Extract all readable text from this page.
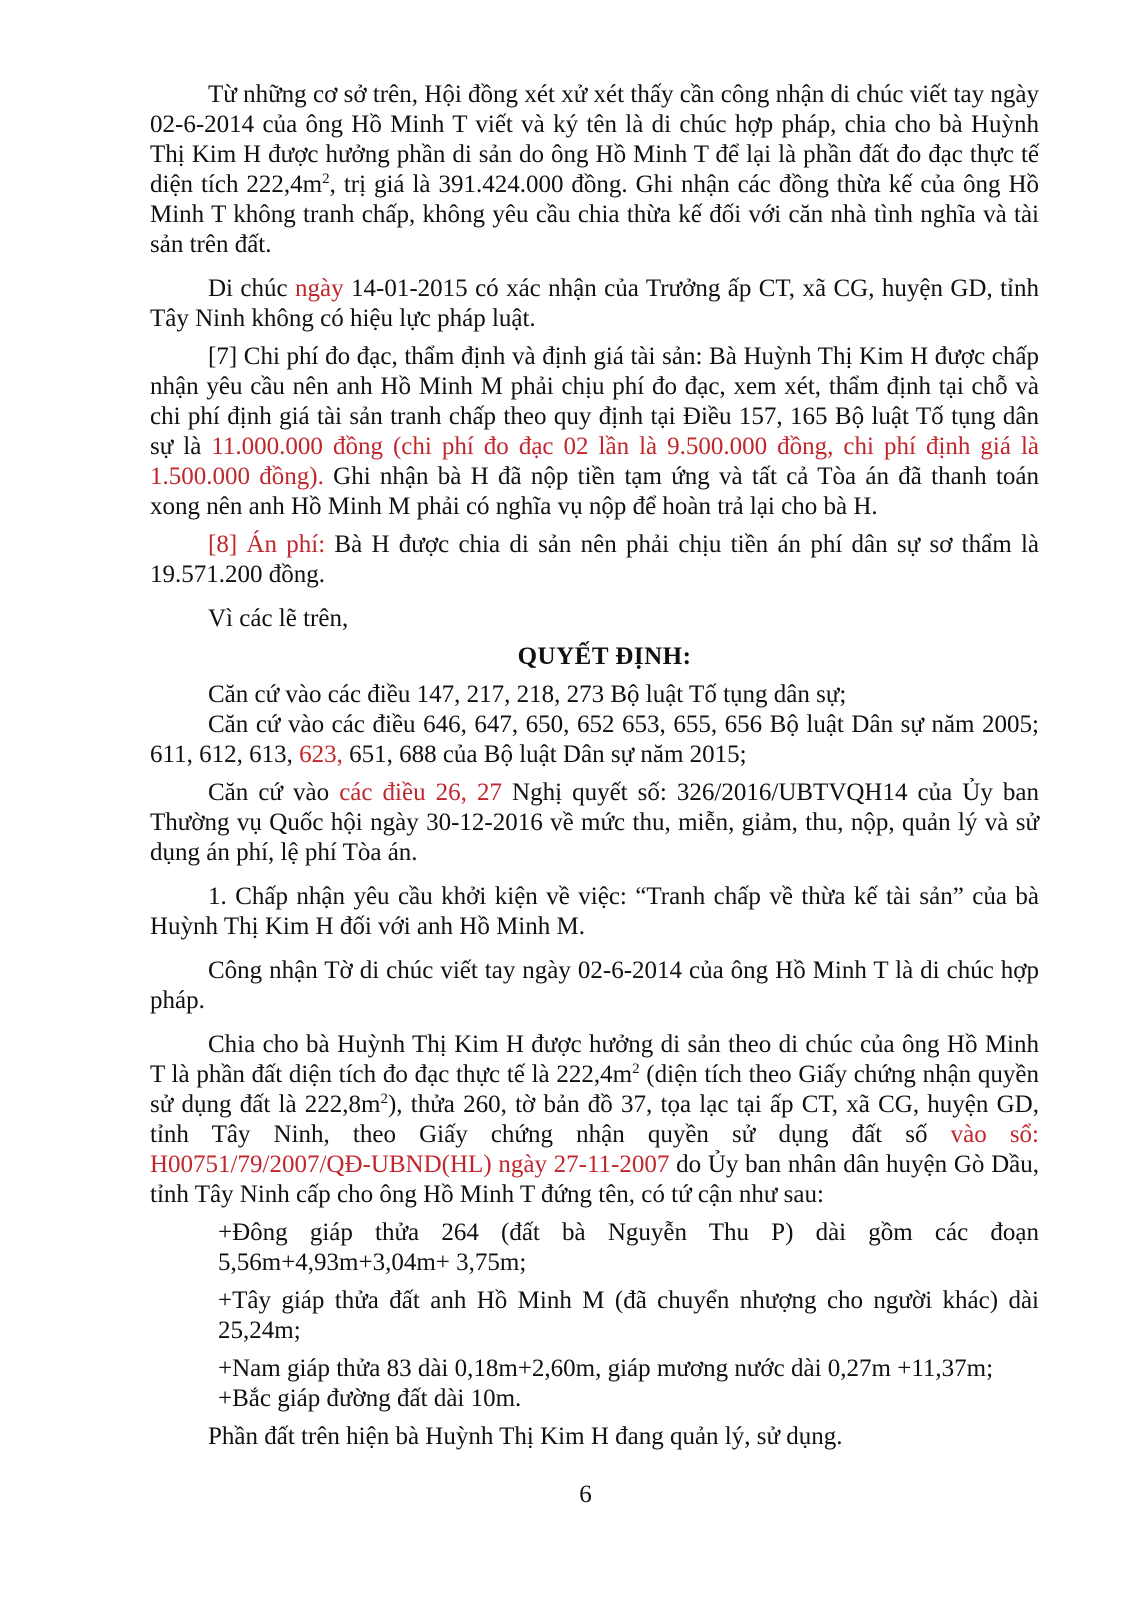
Từ những cơ sở trên, Hội đồng xét xử xét thấy cần công nhận di chúc viết tay ngày 02-6-2014 của ông Hồ Minh T viết và ký tên là di chúc hợp pháp, chia cho bà Huỳnh Thị Kim H được hưởng phần di sản do ông Hồ Minh T để lại là phần đất đo đạc thực tế diện tích $222,4m^2$, trị giá là 391.424.000 đồng. Ghi nhận các đồng thừa kế của ông Hồ Minh T không tranh chấp, không yêu cầu chia thừa kế đối với căn nhà tình nghĩa và tài sản trên đất.

Di chúc ngày 14-01-2015 có xác nhận của Trưởng ấp CT, xã CG, huyện GD, tỉnh Tây Ninh không có hiệu lực pháp luật.

[7] Chi phí đo đạc, thẩm định và định giá tài sản: Bà Huỳnh Thị Kim H được chấp nhận yêu cầu nên anh Hồ Minh M phải chịu phí đo đạc, xem xét, thẩm định tại chỗ và chi phí định giá tài sản tranh chấp theo quy định tại Điều 157, 165 Bộ luật Tố tụng dân sự là 11.000.000 đồng (chi phí đo đạc 02 lần là 9.500.000 đồng, chi phí định giá là 1.500.000 đồng). Ghi nhận bà H đã nộp tiền tạm ứng và tất cả Tòa án đã thanh toán xong nên anh Hồ Minh M phải có nghĩa vụ nộp để hoàn trả lại cho bà H.

[8] Án phí: Bà H được chia di sản nên phải chịu tiền án phí dân sự sơ thẩm là 19.571.200 đồng.

Vì các lẽ trên,

QUYẾT ĐỊNH:

Căn cứ vào các điều 147, 217, 218, 273 Bộ luật Tố tụng dân sự;

Căn cứ vào các điều 646, 647, 650, 652 653, 655, 656 Bộ luật Dân sự năm 2005; 611, 612, 613, 623, 651, 688 của Bộ luật Dân sự năm 2015;

Căn cứ vào các điều 26, 27 Nghị quyết số: 326/2016/UBTVQH14 của Ủy ban Thường vụ Quốc hội ngày 30-12-2016 về mức thu, miễn, giảm, thu, nộp, quản lý và sử dụng án phí, lệ phí Tòa án.

1. Chấp nhận yêu cầu khởi kiện về việc: “Tranh chấp về thừa kế tài sản” của bà Huỳnh Thị Kim H đối với anh Hồ Minh M.

Công nhận Tờ di chúc viết tay ngày 02-6-2014 của ông Hồ Minh T là di chúc hợp pháp.

Chia cho bà Huỳnh Thị Kim H được hưởng di sản theo di chúc của ông Hồ Minh T là phần đất diện tích đo đạc thực tế là $222,4m^2$ (diện tích theo Giấy chứng nhận quyền sử dụng đất là $222,8m^2$), thửa 260, tờ bản đồ 37, tọa lạc tại ấp CT, xã CG, huyện GD, tỉnh Tây Ninh, theo Giấy chứng nhận quyền sử dụng đất số vào sổ: H00751/79/2007/QĐ-UBND(HL) ngày 27-11-2007 do Ủy ban nhân dân huyện Gò Dầu, tỉnh Tây Ninh cấp cho ông Hồ Minh T đứng tên, có tứ cận như sau:

+Đông giáp thửa 264 (đất bà Nguyễn Thu P) dài gồm các đoạn 5,56m+4,93m+3,04m+ 3,75m;

+Tây giáp thửa đất anh Hồ Minh M (đã chuyển nhượng cho người khác) dài 25,24m;

+Nam giáp thửa 83 dài 0,18m+2,60m, giáp mương nước dài 0,27m +11,37m;

+Bắc giáp đường đất dài 10m.

Phần đất trên hiện bà Huỳnh Thị Kim H đang quản lý, sử dụng.

6
